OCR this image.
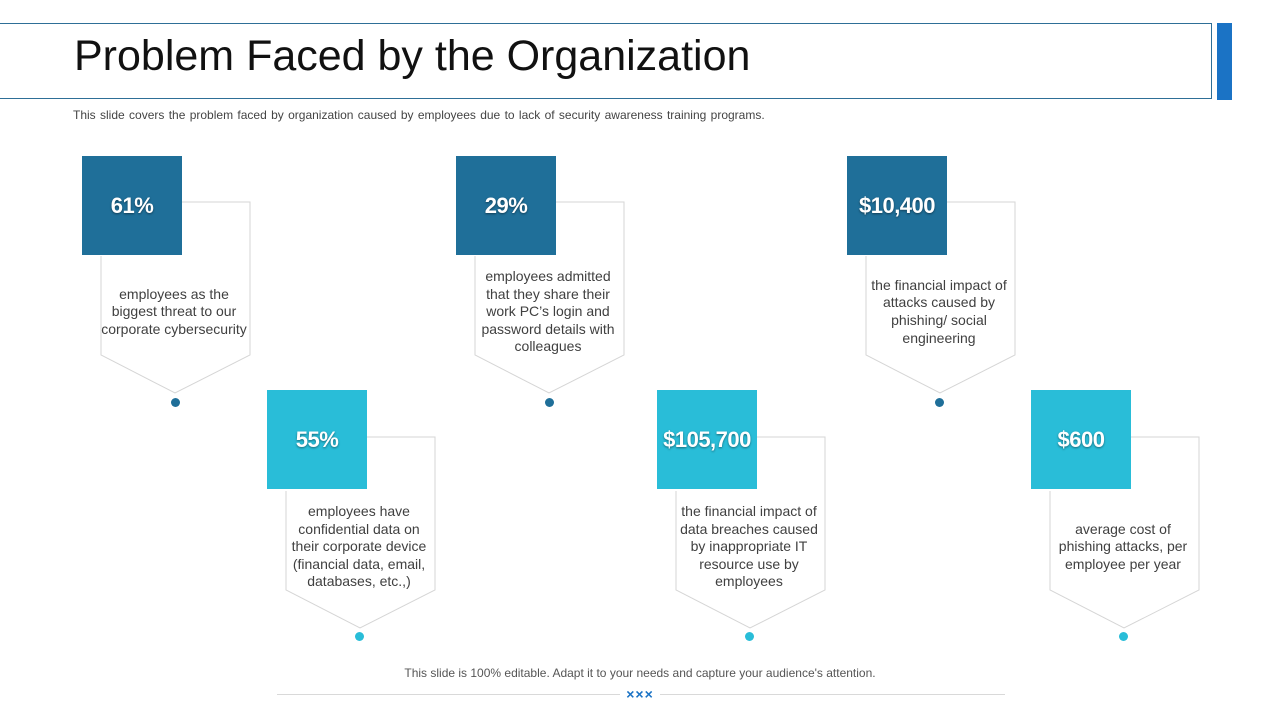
Problem Faced by the Organization

This slide covers the problem faced by organization caused by employees due to lack of security awareness training programs.

61%
employees as the biggest threat to our corporate cybersecurity
55%
employees have confidential data on their corporate device (financial data, email, databases, etc.,)
29%
employees admitted that they share their work PC’s login and password details with colleagues
$105,700
the financial impact of data breaches caused by inappropriate IT resource use by employees
$10,400
the financial impact of attacks caused by phishing/ social engineering
$600
average cost of phishing attacks, per employee per year

This slide is 100% editable. Adapt it to your needs and capture your audience's attention.

×××
